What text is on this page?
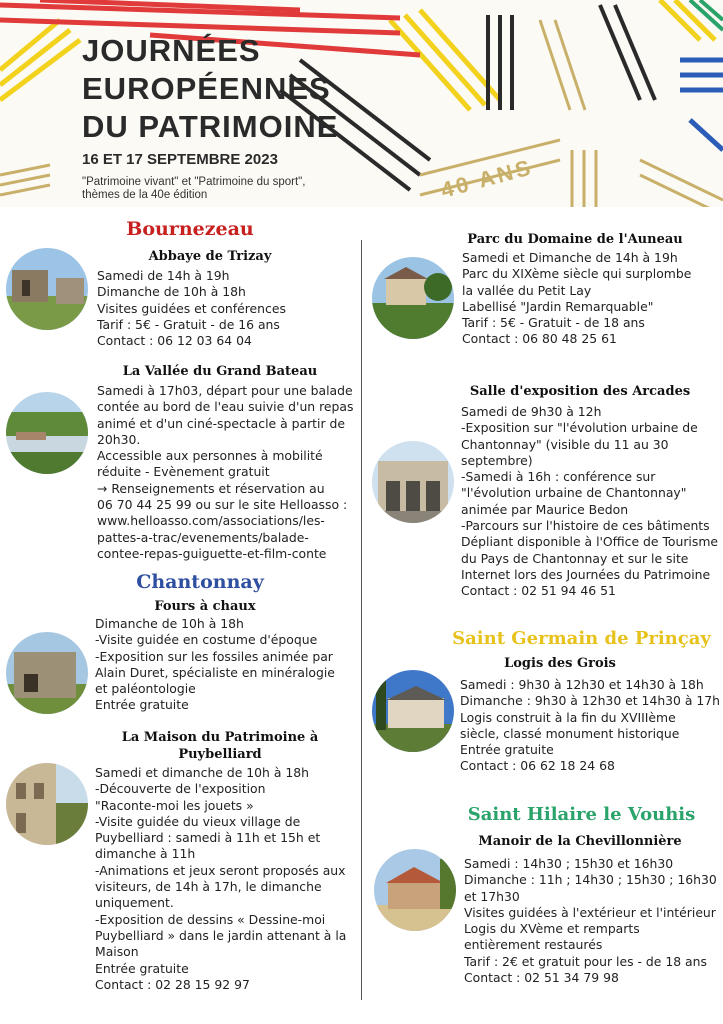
JOURNÉES
EUROPÉENNES
DU PATRIMOINE
16 ET 17 SEPTEMBRE 2023
"Patrimoine vivant" et "Patrimoine du sport",
thèmes de la 40e édition	40 ANS
Bournezeau
Abbaye de Trizay
Samedi de 14h à 19h
Dimanche de 10h à 18h
Visites guidées et conférences
Tarif : 5€ - Gratuit - de 16 ans
Contact : 06 12 03 64 04
La Vallée du Grand Bateau
Samedi à 17h03, départ pour une balade
contée au bord de l'eau suivie d'un repas
animé et d'un ciné-spectacle à partir de
20h30.
Accessible aux personnes à mobilité
réduite - Evènement gratuit
→ Renseignements et réservation au
06 70 44 25 99 ou sur le site Helloasso :
www.helloasso.com/associations/les-
pattes-a-trac/evenements/balade-
contee-repas-guiguette-et-film-conte
Chantonnay
Fours à chaux
Dimanche de 10h à 18h
-Visite guidée en costume d'époque
-Exposition sur les fossiles animée par
Alain Duret, spécialiste en minéralogie
et paléontologie
Entrée gratuite
La Maison du Patrimoine à
Puybelliard
Samedi et dimanche de 10h à 18h
-Découverte de l'exposition
"Raconte-moi les jouets »
-Visite guidée du vieux village de
Puybelliard : samedi à 11h et 15h et
dimanche à 11h
-Animations et jeux seront proposés aux
visiteurs, de 14h à 17h, le dimanche
uniquement.
-Exposition de dessins « Dessine-moi
Puybelliard » dans le jardin attenant à la
Maison
Entrée gratuite
Contact : 02 28 15 92 97
Parc du Domaine de l'Auneau
Samedi et Dimanche de 14h à 19h
Parc du XIXème siècle qui surplombe
la vallée du Petit Lay
Labellisé "Jardin Remarquable"
Tarif : 5€ - Gratuit - de 18 ans
Contact : 06 80 48 25 61
Salle d'exposition des Arcades
Samedi de 9h30 à 12h
-Exposition sur "l'évolution urbaine de
Chantonnay" (visible du 11 au 30
septembre)
-Samedi à 16h : conférence sur
"l'évolution urbaine de Chantonnay"
animée par Maurice Bedon
-Parcours sur l'histoire de ces bâtiments
Dépliant disponible à l'Office de Tourisme
du Pays de Chantonnay et sur le site
Internet lors des Journées du Patrimoine
Contact : 02 51 94 46 51
Saint Germain de Prinçay
Logis des Grois
Samedi : 9h30 à 12h30 et 14h30 à 18h
Dimanche : 9h30 à 12h30 et 14h30 à 17h
Logis construit à la fin du XVIIIème
siècle, classé monument historique
Entrée gratuite
Contact : 06 62 18 24 68
Saint Hilaire le Vouhis
Manoir de la Chevillonnière
Samedi : 14h30 ; 15h30 et 16h30
Dimanche : 11h ; 14h30 ; 15h30 ; 16h30
et 17h30
Visites guidées à l'extérieur et l'intérieur
Logis du XVème et remparts
entièrement restaurés
Tarif : 2€ et gratuit pour les - de 18 ans
Contact : 02 51 34 79 98
